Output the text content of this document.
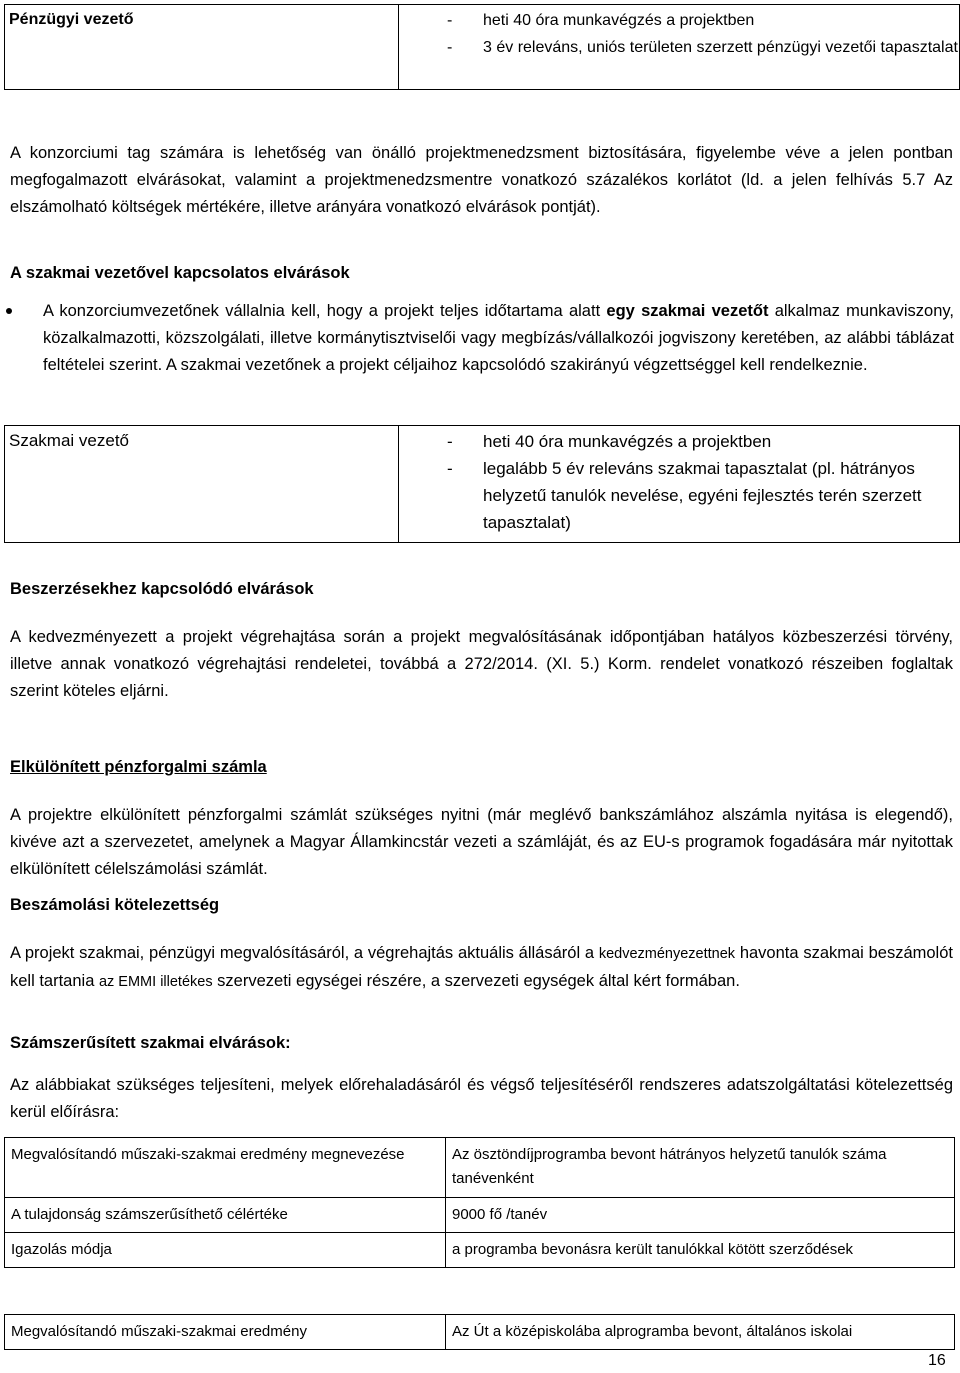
Pénzügyi vezető	- heti 40 óra munkavégzés a projektben
- 3 év releváns, uniós területen szerzett pénzügyi vezetői tapasztalat
A konzorciumi tag számára is lehetőség van önálló projektmenedzsment biztosítására, figyelembe véve a jelen pontban megfogalmazott elvárásokat, valamint a projektmenedzsmentre vonatkozó százalékos korlátot (ld. a jelen felhívás 5.7 Az elszámolható költségek mértékére, illetve arányára vonatkozó elvárások pontját).
A szakmai vezetővel kapcsolatos elvárások
A konzorciumvezetőnek vállalnia kell, hogy a projekt teljes időtartama alatt egy szakmai vezetőt alkalmaz munkaviszony, közalkalmazotti, közszolgálati, illetve kormánytisztviselői vagy megbízás/vállalkozói jogviszony keretében, az alábbi táblázat feltételei szerint. A szakmai vezetőnek a projekt céljaihoz kapcsolódó szakirányú végzettséggel kell rendelkeznie.
Szakmai vezető	- heti 40 óra munkavégzés a projektben
- legalább 5 év releváns szakmai tapasztalat (pl. hátrányos helyzetű tanulók nevelése, egyéni fejlesztés terén szerzett tapasztalat)
Beszerzésekhez kapcsolódó elvárások
A kedvezményezett a projekt végrehajtása során a projekt megvalósításának időpontjában hatályos közbeszerzési törvény, illetve annak vonatkozó végrehajtási rendeletei, továbbá a 272/2014. (XI. 5.) Korm. rendelet vonatkozó részeiben foglaltak szerint köteles eljárni.
Elkülönített pénzforgalmi számla
A projektre elkülönített pénzforgalmi számlát szükséges nyitni (már meglévő bankszámlához alszámla nyitása is elegendő), kivéve azt a szervezetet, amelynek a Magyar Államkincstár vezeti a számláját, és az EU-s programok fogadására már nyitottak elkülönített célelszámolási számlát.
Beszámolási kötelezettség
A projekt szakmai, pénzügyi megvalósításáról, a végrehajtás aktuális állásáról a kedvezményezettnek havonta szakmai beszámolót kell tartania az EMMI illetékes szervezeti egységei részére, a szervezeti egységek által kért formában.
Számszerűsített szakmai elvárások:
Az alábbiakat szükséges teljesíteni, melyek előrehaladásáról és végső teljesítéséről rendszeres adatszolgáltatási kötelezettség kerül előírásra:
Megvalósítandó műszaki-szakmai eredmény megnevezése	Az ösztöndíjprogramba bevont hátrányos helyzetű tanulók száma tanévenként
A tulajdonság számszerűsíthető célértéke	9000 fő /tanév
Igazolás módja	a programba bevonásra került tanulókkal kötött szerződések
Megvalósítandó műszaki-szakmai eredmény	Az Út a középiskolába alprogramba bevont, általános iskolai
16
